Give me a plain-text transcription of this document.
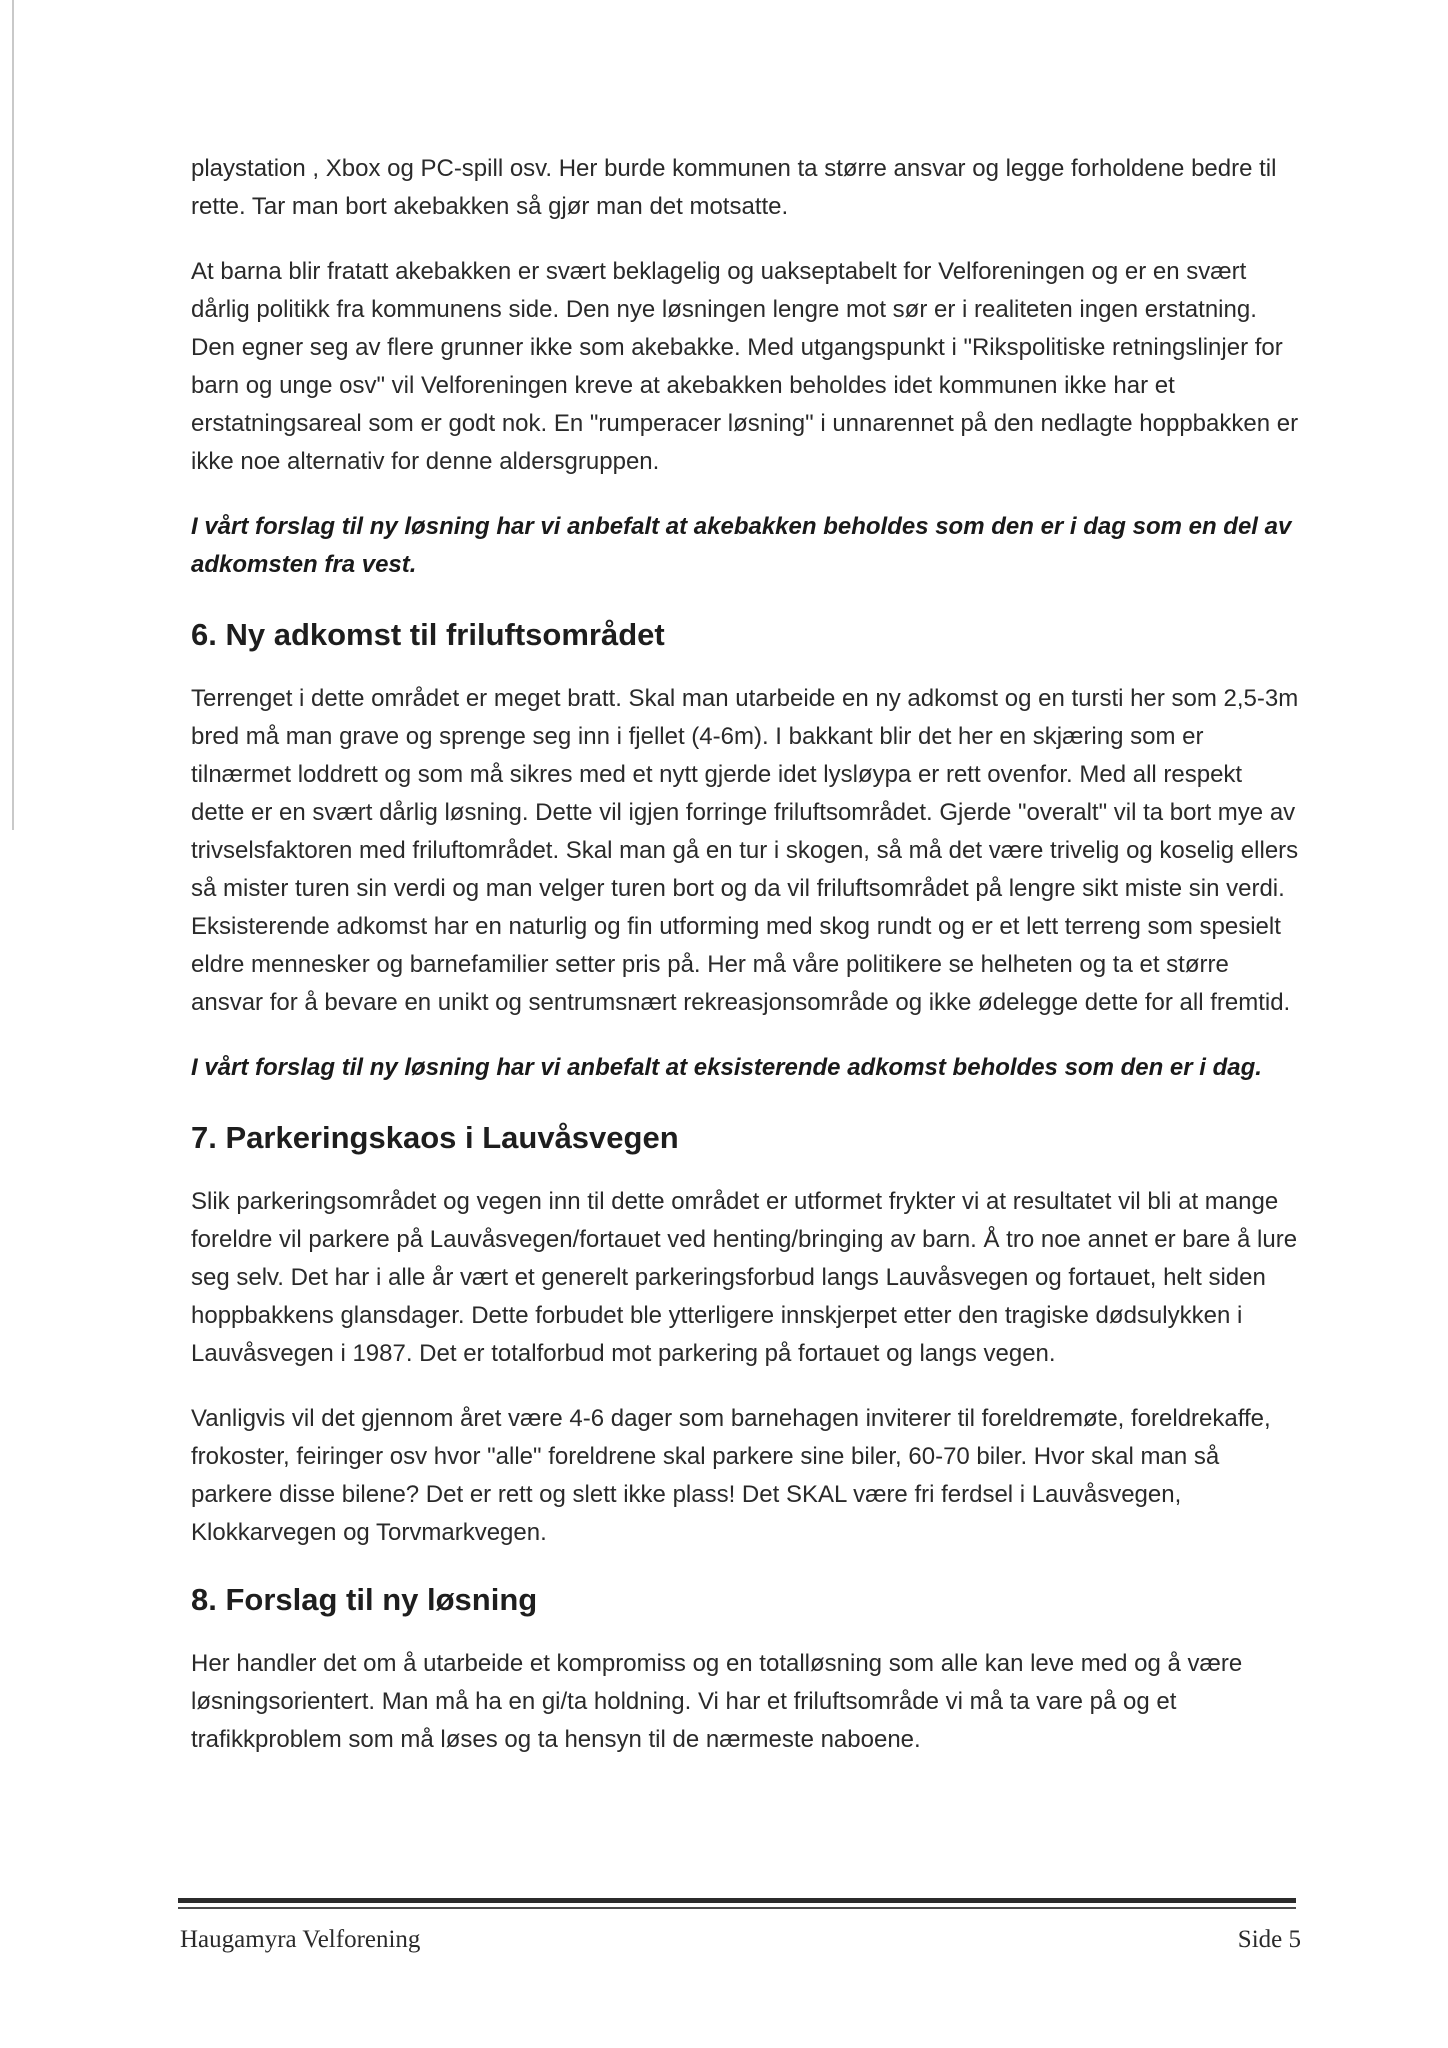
playstation , Xbox og PC-spill osv. Her burde kommunen ta større ansvar og legge forholdene bedre til rette. Tar man bort akebakken så gjør man det motsatte.

At barna blir fratatt akebakken er svært beklagelig og uakseptabelt for Velforeningen og er en svært dårlig politikk fra kommunens side. Den nye løsningen lengre mot sør er i realiteten ingen erstatning. Den egner seg av flere grunner ikke som akebakke. Med utgangspunkt i "Rikspolitiske retningslinjer for barn og unge osv" vil Velforeningen kreve at akebakken beholdes idet kommunen ikke har et erstatningsareal som er godt nok. En "rumperacer løsning" i unnarennet på den nedlagte hoppbakken er ikke noe alternativ for denne aldersgruppen.

I vårt forslag til ny løsning har vi anbefalt at akebakken beholdes som den er i dag som en del av adkomsten fra vest.

6. Ny adkomst til friluftsområdet

Terrenget i dette området er meget bratt. Skal man utarbeide en ny adkomst og en tursti her som 2,5-3m bred må man grave og sprenge seg inn i fjellet (4-6m). I bakkant blir det her en skjæring som er tilnærmet loddrett og som må sikres med et nytt gjerde idet lysløypa er rett ovenfor. Med all respekt dette er en svært dårlig løsning. Dette vil igjen forringe friluftsområdet. Gjerde "overalt" vil ta bort mye av trivselsfaktoren med friluftområdet. Skal man gå en tur i skogen, så må det være trivelig og koselig ellers så mister turen sin verdi og man velger turen bort og da vil friluftsområdet på lengre sikt miste sin verdi. Eksisterende adkomst har en naturlig og fin utforming med skog rundt og er et lett terreng som spesielt eldre mennesker og barnefamilier setter pris på. Her må våre politikere se helheten og ta et større ansvar for å bevare en unikt og sentrumsnært rekreasjonsområde og ikke ødelegge dette for all fremtid.

I vårt forslag til ny løsning har vi anbefalt at eksisterende adkomst beholdes som den er i dag.

7. Parkeringskaos i Lauvåsvegen

Slik parkeringsområdet og vegen inn til dette området er utformet frykter vi at resultatet vil bli at mange foreldre vil parkere på Lauvåsvegen/fortauet ved henting/bringing av barn. Å tro noe annet er bare å lure seg selv. Det har i alle år vært et generelt parkeringsforbud langs Lauvåsvegen og fortauet, helt siden hoppbakkens glansdager. Dette forbudet ble ytterligere innskjerpet etter den tragiske dødsulykken i Lauvåsvegen i 1987. Det er totalforbud mot parkering på fortauet og langs vegen.

Vanligvis vil det gjennom året være 4-6 dager som barnehagen inviterer til foreldremøte, foreldrekaffe, frokoster, feiringer osv hvor "alle" foreldrene skal parkere sine biler, 60-70 biler. Hvor skal man så parkere disse bilene? Det er rett og slett ikke plass! Det SKAL være fri ferdsel i Lauvåsvegen, Klokkarvegen og Torvmarkvegen.

8. Forslag til ny løsning

Her handler det om å utarbeide et kompromiss og en totalløsning som alle kan leve med og å være løsningsorientert. Man må ha en gi/ta holdning. Vi har et friluftsområde vi må ta vare på og et trafikkproblem som må løses og ta hensyn til de nærmeste naboene.

Haugamyra Velforening	Side 5
